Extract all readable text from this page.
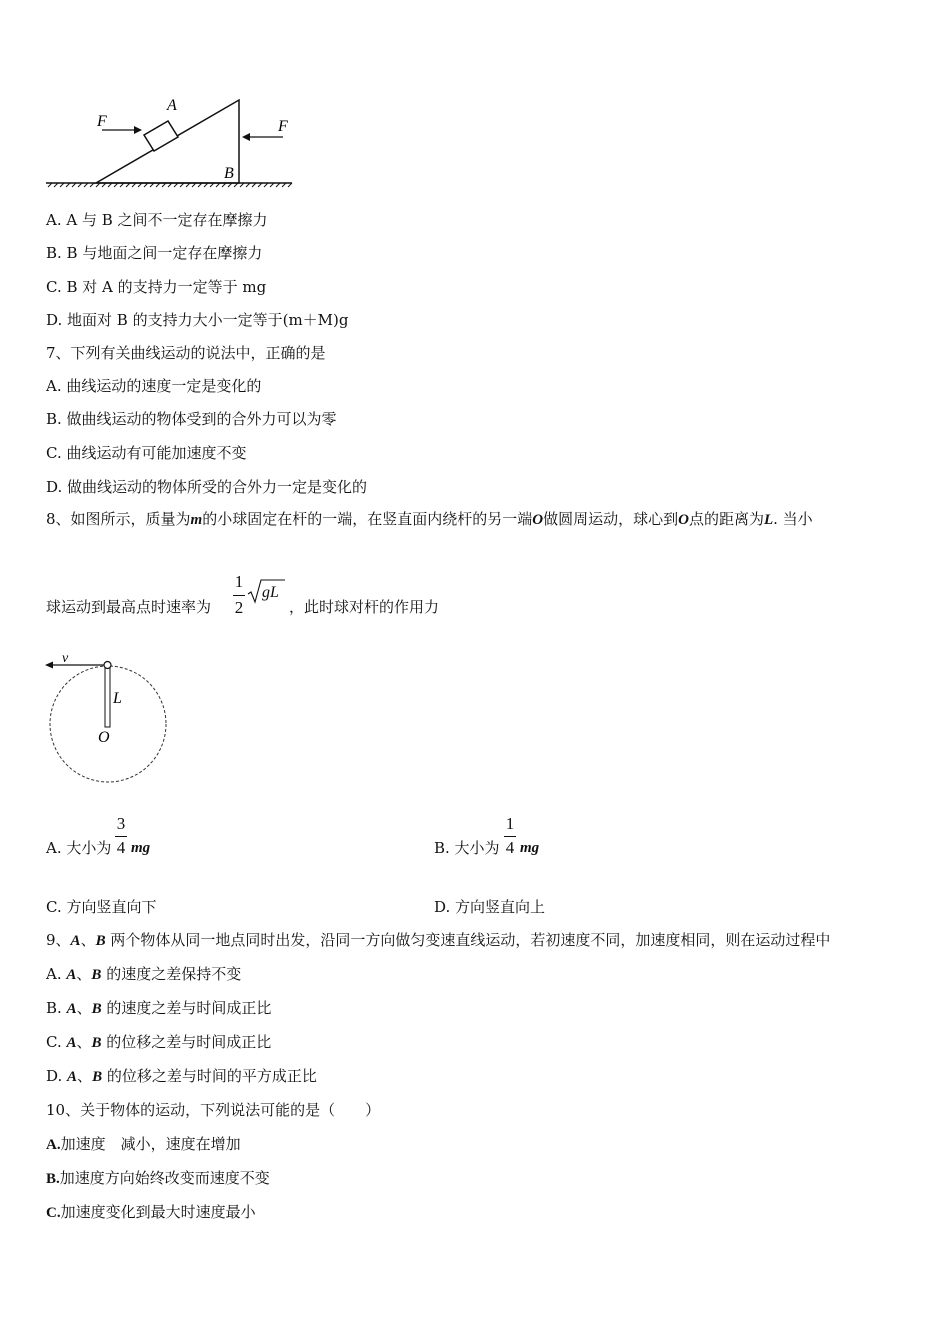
F
A
F
B
A. A 与 B 之间不一定存在摩擦力
B. B 与地面之间一定存在摩擦力
C. B 对 A 的支持力一定等于 mg
D. 地面对 B 的支持力大小一定等于(m＋M)g
7、下列有关曲线运动的说法中，正确的是
A. 曲线运动的速度一定是变化的
B. 做曲线运动的物体受到的合外力可以为零
C. 曲线运动有可能加速度不变
D. 做曲线运动的物体所受的合外力一定是变化的
8、如图所示，质量为m的小球固定在杆的一端，在竖直面内绕杆的另一端O做圆周运动，球心到O点的距离为L. 当小
球运动到最高点时速率为
1
2
gL
，此时球对杆的作用力
v
L
O
A. 大小为
3
4 mg	B. 大小为
1
4 mg
C. 方向竖直向下	D. 方向竖直向上
9、A、B 两个物体从同一地点同时出发，沿同一方向做匀变速直线运动，若初速度不同，加速度相同，则在运动过程中
A. A、B 的速度之差保持不变
B. A、B 的速度之差与时间成正比
C. A、B 的位移之差与时间成正比
D. A、B 的位移之差与时间的平方成正比
10、关于物体的运动，下列说法可能的是（　　）
A.加速度　减小，速度在增加
B.加速度方向始终改变而速度不变
C.加速度变化到最大时速度最小
